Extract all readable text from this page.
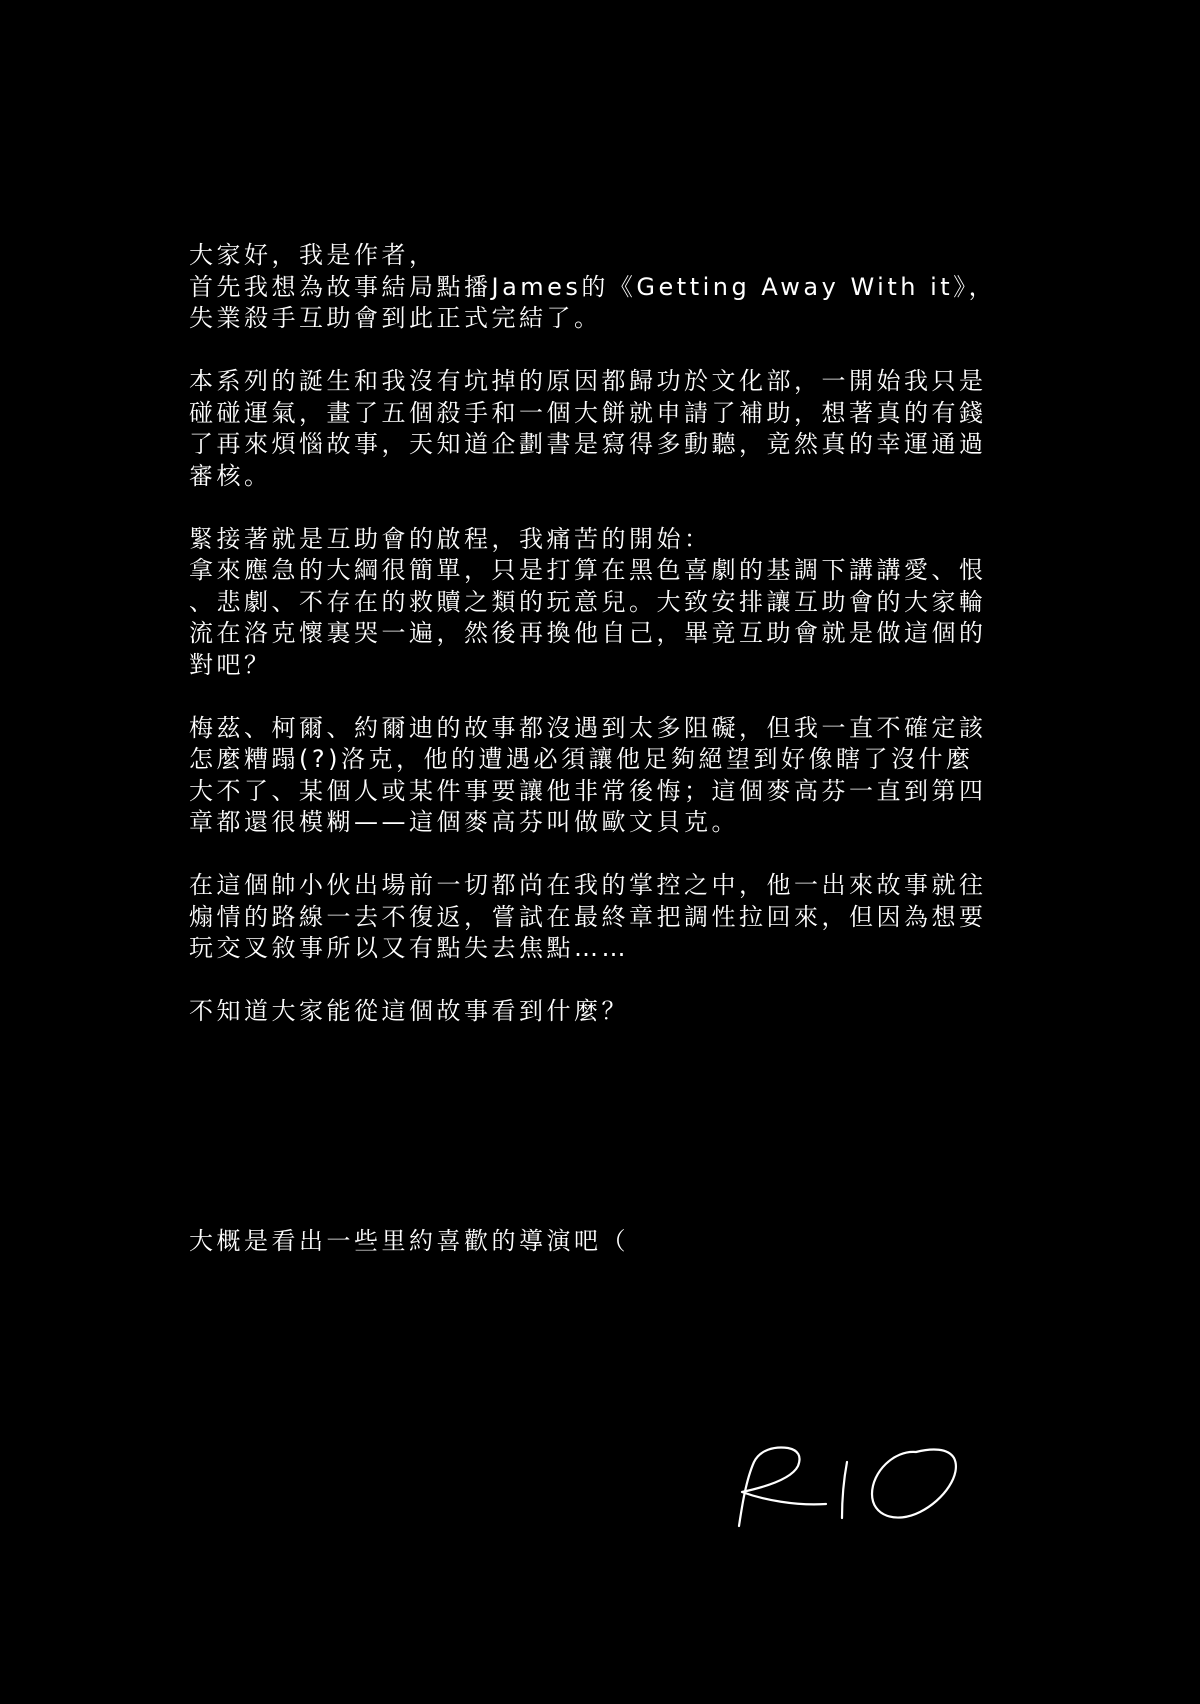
大家好，我是作者，
首先我想為故事結局點播James的《Getting Away With it》，
失業殺手互助會到此正式完結了。

本系列的誕生和我沒有坑掉的原因都歸功於文化部，一開始我只是
碰碰運氣，畫了五個殺手和一個大餅就申請了補助，想著真的有錢
了再來煩惱故事，天知道企劃書是寫得多動聽，竟然真的幸運通過
審核。

緊接著就是互助會的啟程，我痛苦的開始：
拿來應急的大綱很簡單，只是打算在黑色喜劇的基調下講講愛、恨
、悲劇、不存在的救贖之類的玩意兒。大致安排讓互助會的大家輪
流在洛克懷裏哭一遍，然後再換他自己，畢竟互助會就是做這個的
對吧？

梅茲、柯爾、約爾迪的故事都沒遇到太多阻礙，但我一直不確定該
怎麼糟蹋(?)洛克，他的遭遇必須讓他足夠絕望到好像瞎了沒什麼
大不了、某個人或某件事要讓他非常後悔；這個麥高芬一直到第四
章都還很模糊——這個麥高芬叫做歐文貝克。

在這個帥小伙出場前一切都尚在我的掌控之中，他一出來故事就往
煽情的路線一去不復返，嘗試在最終章把調性拉回來，但因為想要
玩交叉敘事所以又有點失去焦點……

不知道大家能從這個故事看到什麼？

大概是看出一些里約喜歡的導演吧（
